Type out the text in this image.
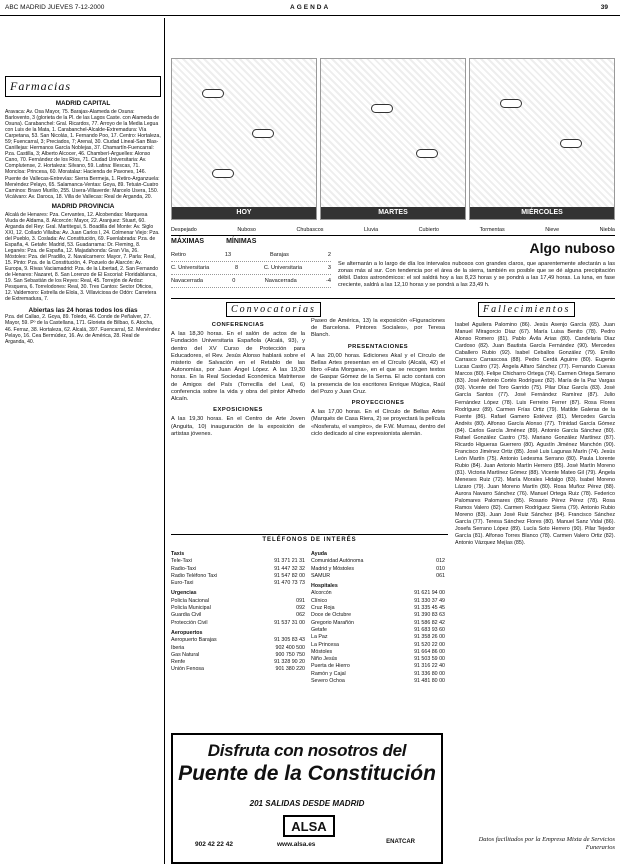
ABC MADRID JUEVES 7-12-2000	AGENDA	39
Farmacias
MADRID CAPITAL
Aravaca: Av. Osa Mayor, 75. Barajas-Alameda de Osuna: Barlovento, 3 (glorieta de la Pl. de las Lagos Caste. con Alameda de Osuna). Carabanchel: Gral. Ricardos, 77. Arroyo de la Media Legua con Luis de la Mata, 1. Carabanchel-Alcalde-Extremadura: Vía Carpetana, 53. San Nicolás, 1. Fernando Poo, 17. Centro: Hortaleza, 59; Fuencarral, 3; Preciados, 7; Arenal, 30. Ciudad Lineal-San Blas-Canillejas: Hermanos García Noblejas, 37. Chamartín-Fuencarral: Pza. Castilla, 3; Alberto Alcocer, 46. Chamberí-Arguelles: Alonso Cano, 70. Fernández de los Ríos, 71. Ciudad Universitaria: Av. Complutense, 2. Hortaleza: Silvano, 59. Latina: Illescas, 71. Moncloa: Princesa, 60. Moratalaz: Hacienda de Pavones, 146. Puente de Vallecas-Entrevías: Sierra Bermeja, 1. Retiro-Arganzuela: Menéndez Pelayo, 65. Salamanca-Ventas: Goya, 89. Tetuán-Cuatro Caminos: Bravo Murillo, 255. Usera-Villaverde: Marcelo Usera, 150. Vicálvaro: Av. Daroca, 18. Villa de Vallecas: Real de Arganda, 20.
MADRID PROVINCIA
Alcalá de Henares: Pza. Cervantes, 12. Alcobendas: Marquesa Viuda de Aldama, 8. Alcorcón: Mayor, 22. Aranjuez: Stuart, 60. Arganda del Rey: Gral. Martitegui, 5. Boadilla del Monte: Av. Siglo XXI, 12. Collado Villalba: Av. Juan Carlos I, 24. Colmenar Viejo: Pza. del Pueblo, 3. Coslada: Av. Constitución, 69. Fuenlabrada: Pza. de España, 4. Getafe: Madrid, 53. Guadarrama: Dr. Fleming, 8. Leganés: Pza. de España, 12. Majadahonda: Gran Vía, 26. Móstoles: Pza. del Pradillo, 2. Navalcarnero: Mayor, 7. Parla: Real, 15. Pinto: Pza. de la Constitución, 4. Pozuelo de Alarcón: Av. Europa, 9. Rivas Vaciamadrid: Pza. de la Libertad, 2. San Fernando de Henares: Nazaret, 8. San Lorenzo de El Escorial: Floridablanca, 19. San Sebastián de los Reyes: Real, 45. Torrejón de Ardoz: Pesquera, 6. Torrelodones: Real, 30. Tres Cantos: Sector Oficios, 12. Valdemoro: Estrella de Elola, 3. Villaviciosa de Odón: Carretera de Extremadura, 7.
Abiertas las 24 horas todos los días
Pza. del Callao, 2. Goya, 89. Toledo, 46. Conde de Peñalver, 27. Mayor, 59. Pº de la Castellana, 171. Glorieta de Bilbao, 6. Atocha, 46. Ferraz, 38. Hortaleza, 62. Alcalá, 397. Fuencarral, 52. Menéndez Pelayo, 16. Cea Bermúdez, 16. Av. de América, 28. Real de Arganda, 40.
HOY	MARTES	MIÉRCOLES
Despejado	Nuboso	Chubascos	Lluvia	Cubierto	Tormentas	Nieve	Niebla
MÁXIMAS	MÍNIMAS
Retiro	13	Barajas	2
C. Universitaria	8	C. Universitaria	3
Navacerrada	0	Navacerrada	-4
Algo nuboso

Se alternarán a lo largo de día los intervalos nubosos con grandes claros, que aparentemente afectarán a las zonas más al sur. Con tendencia por el área de la sierra, también es posible que se dé alguna precipitación débil. Datos astronómicos: el sol saldrá hoy a las 8,23 horas y se pondrá a las 17,49 horas. La luna, en fase creciente, saldrá a las 12,10 horas y se pondrá a las 23,49 h.

Convocatorias	Fallecimientos
CONFERENCIAS
A las 18,30 horas. En el salón de actos de la Fundación Universitaria Española (Alcalá, 93), y dentro del XV Curso de Protección para Educadores, el Rev. Jesús Alonso hablará sobre el misterio de Salvación en el Retablo de las Autonomías, por Juan Ángel López. A las 19,30 horas. En la Real Sociedad Económica Matritense de Amigos del País (Torrecilla del Leal, 6) conferencia sobre la vida y obra del pintor Alfredo Alcaín.
EXPOSICIONES
A las 19,30 horas. En el Centro de Arte Joven (Anguita, 10) inauguración de la exposición de artistas jóvenes.
Paseo de América, 13) la exposición «Figuraciones de Barcelona. Pintores Sociales», por Teresa Blanch.
PRESENTACIONES
A las 20,00 horas. Ediciones Akal y el Círculo de Bellas Artes presentan en el Círculo (Alcalá, 42) el libro «Fata Morgana», en el que se recogen textos de Gaspar Gómez de la Serna. El acto contará con la presencia de los escritores Enrique Múgica, Raúl del Pozo y Juan Cruz.
PROYECCIONES
A las 17,00 horas. En el Círculo de Bellas Artes (Marqués de Casa Riera, 2) se proyectará la película «Nosferatu, el vampiro», de F.W. Murnau, dentro del ciclo dedicado al cine expresionista alemán.
TELÉFONOS DE INTERÉS
Taxis
Tele-Taxi	91 371 21 31
Radio-Taxi	91 447 32 32
Radio Teléfono Taxi	91 547 82 00
Euro-Taxi	91 470 73 73
Urgencias
Policía Nacional	091
Policía Municipal	092
Guardia Civil	062
Protección Civil	91 537 31 00
Aeropuertos
Aeropuerto Barajas	91 305 83 43
Iberia	902 400 500
Gas Natural	900 750 750
Renfe	91 328 90 20
Unión Fenosa	901 380 220
Ayuda
Comunidad Autónoma	012
Madrid y Móstoles	010
SAMUR	061
Hospitales
Alcorcón	91 621 94 00
Clínico	91 330 37 49
Cruz Roja	91 335 45 45
Doce de Octubre	91 390 83 63
Gregorio Marañón	91 586 82 42
Getafe	91 683 93 60
La Paz	91 358 26 00
La Princesa	91 520 22 00
Móstoles	91 664 86 00
Niño Jesús	91 503 59 00
Puerta de Hierro	91 316 22 40
Ramón y Cajal	91 336 80 00
Severo Ochoa	91 481 80 00
Isabel Aguilera Palomino (86). Jesús Asenjo García (65). Juan Manuel Miragorcio Díaz (67). María Luisa Benito (78). Pedro Alonso Romero (81). Pablo Ávila Arias (80). Candelaria Diaz Cardoso (82). Juan Bautista García Fernández (90). Mercedes Caballero Rubio (92). Isabel Ceballos González (79). Emilio Carrasco Carrascosa (88). Pedro Cerdá Aguirre (80). Eugenio Lucas Castro (72). Ángela Alfaro Sánchez (77). Fernando Cuevas Marcos (80). Felipe Chicharro Ortega (74). Carmen Ortega Serrano (83). José Antonio Cortés Rodríguez (82). María de la Paz Vargas (93). Vicente del Toro Garrido (75). Pilar Díaz García (83). José García Santos (77). José Fernández Ramírez (87). Julio Fernández López (78). Luis Ferreiro Ferrer (87). Rosa Flores Rodríguez (89). Carmen Frías Ortiz (79). Matilde Galeras de la Fuente (86). Rafael Gamero Estévez (81). Mercedes García Andrés (80). Alfonso García Alonso (77). Trinidad García Gómez (84). Carlos García Jiménez (89). Antonio García Sánchez (80). Rafael González Castro (75). Mariano González Martínez (87). Ricardo Higueras Guerrero (80). Agustín Jiménez Manchón (90). Francisco Jiménez Ortiz (85). José Luis Lagunas Marín (74). Jesús León Martín (75). Antonio Ledesma Serrano (80). Paula Llorente Rubio (84). Juan Antonio Martín Herrero (85). José Martín Moreno (81). Victoria Martínez Gómez (88). Vicente Mateo Gil (79). Ángela Meneses Ruiz (72). María Morales Hidalgo (83). Isabel Moreno Lázaro (79). Juan Moreno Martín (80). Rosa Muñoz Pérez (88). Aurora Navarro Sánchez (76). Manuel Ortega Ruiz (78). Federico Palomares Palomares (85). Rosario Pérez Pérez (78). Rosa Ramos Valero (82). Carmen Rodríguez Sierra (79). Antonio Rubio Moreno (83). Juan José Ruiz Sánchez (84). Francisco Sánchez García (77). Teresa Sánchez Flores (80). Manuel Sanz Vidal (86). Josefa Serrano López (89). Lucía Soto Herrero (90). Pilar Tejedor García (81). Alfonso Torres Blanco (78). Carmen Valero Ortiz (82). Antonio Vázquez Mejías (85).
Datos facilitados por la Empresa Mixta de Servicios Funerarios
Disfruta con nosotros del
Puente de la Constitución
201 SALIDAS DESDE MADRID
ALSA
902 42 22 42	www.alsa.es	ENATCAR
